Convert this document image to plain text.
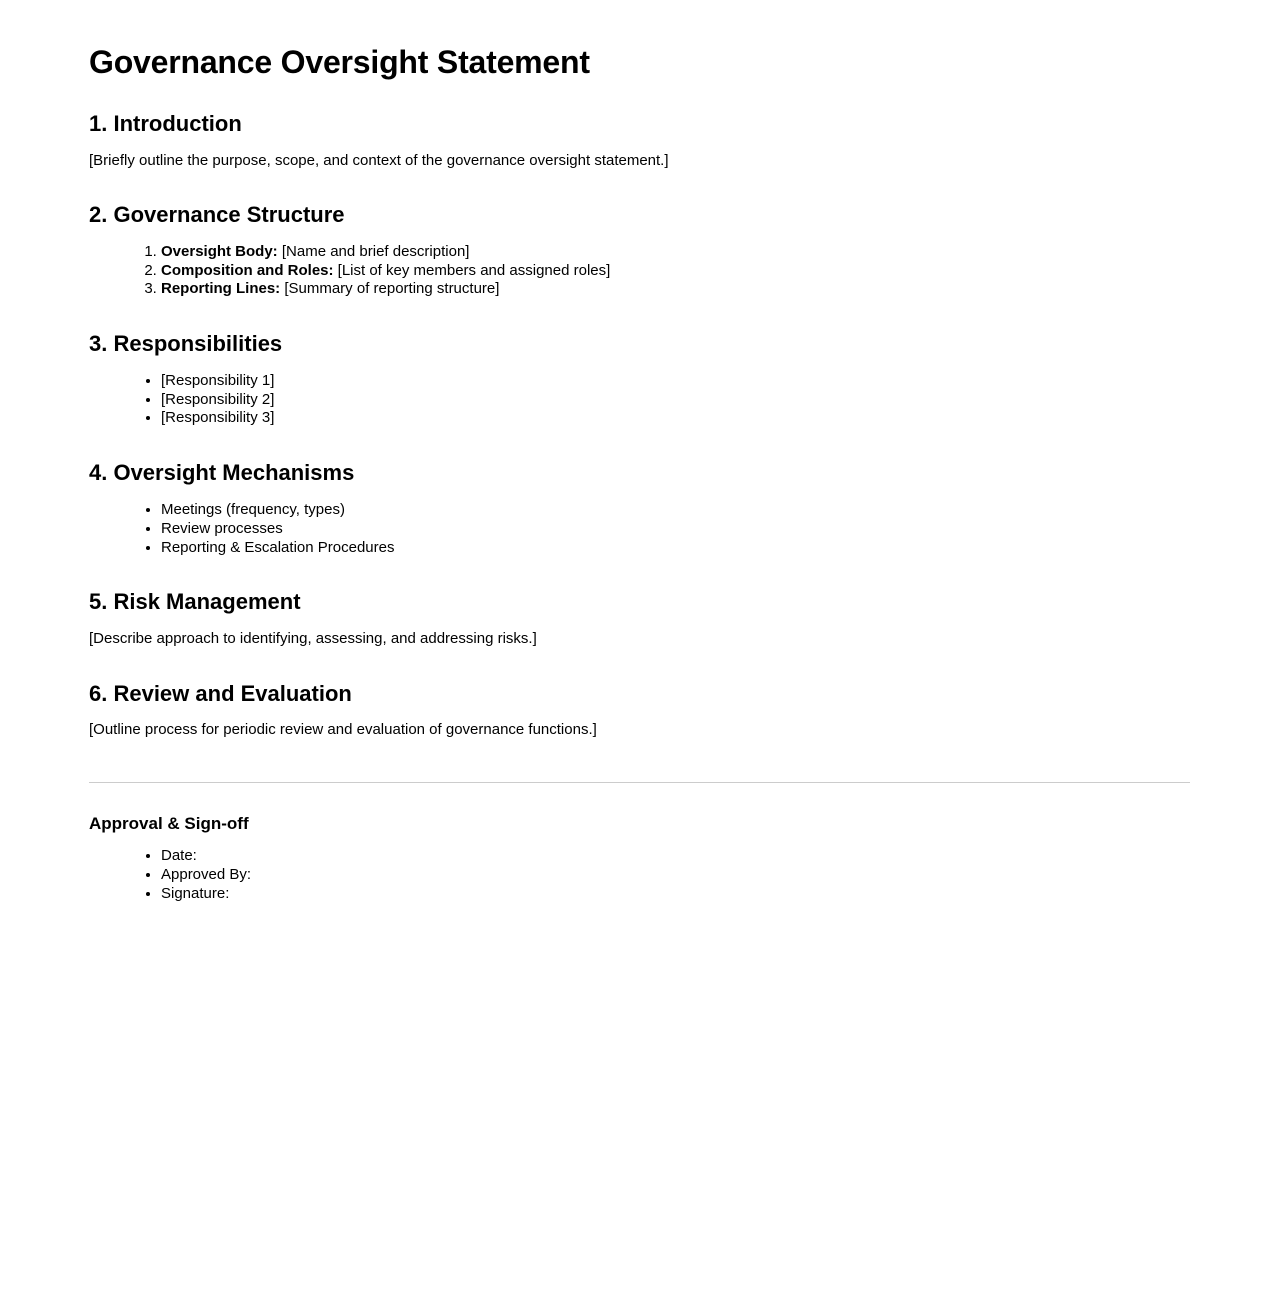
Governance Oversight Statement
1. Introduction

[Briefly outline the purpose, scope, and context of the governance oversight statement.]

2. Governance Structure
1. Oversight Body: [Name and brief description]
2. Composition and Roles: [List of key members and assigned roles]
3. Reporting Lines: [Summary of reporting structure]
3. Responsibilities
• [Responsibility 1]
• [Responsibility 2]
• [Responsibility 3]
4. Oversight Mechanisms
• Meetings (frequency, types)
• Review processes
• Reporting & Escalation Procedures
5. Risk Management

[Describe approach to identifying, assessing, and addressing risks.]

6. Review and Evaluation

[Outline process for periodic review and evaluation of governance functions.]

Approval & Sign-off
• Date:
• Approved By:
• Signature:
